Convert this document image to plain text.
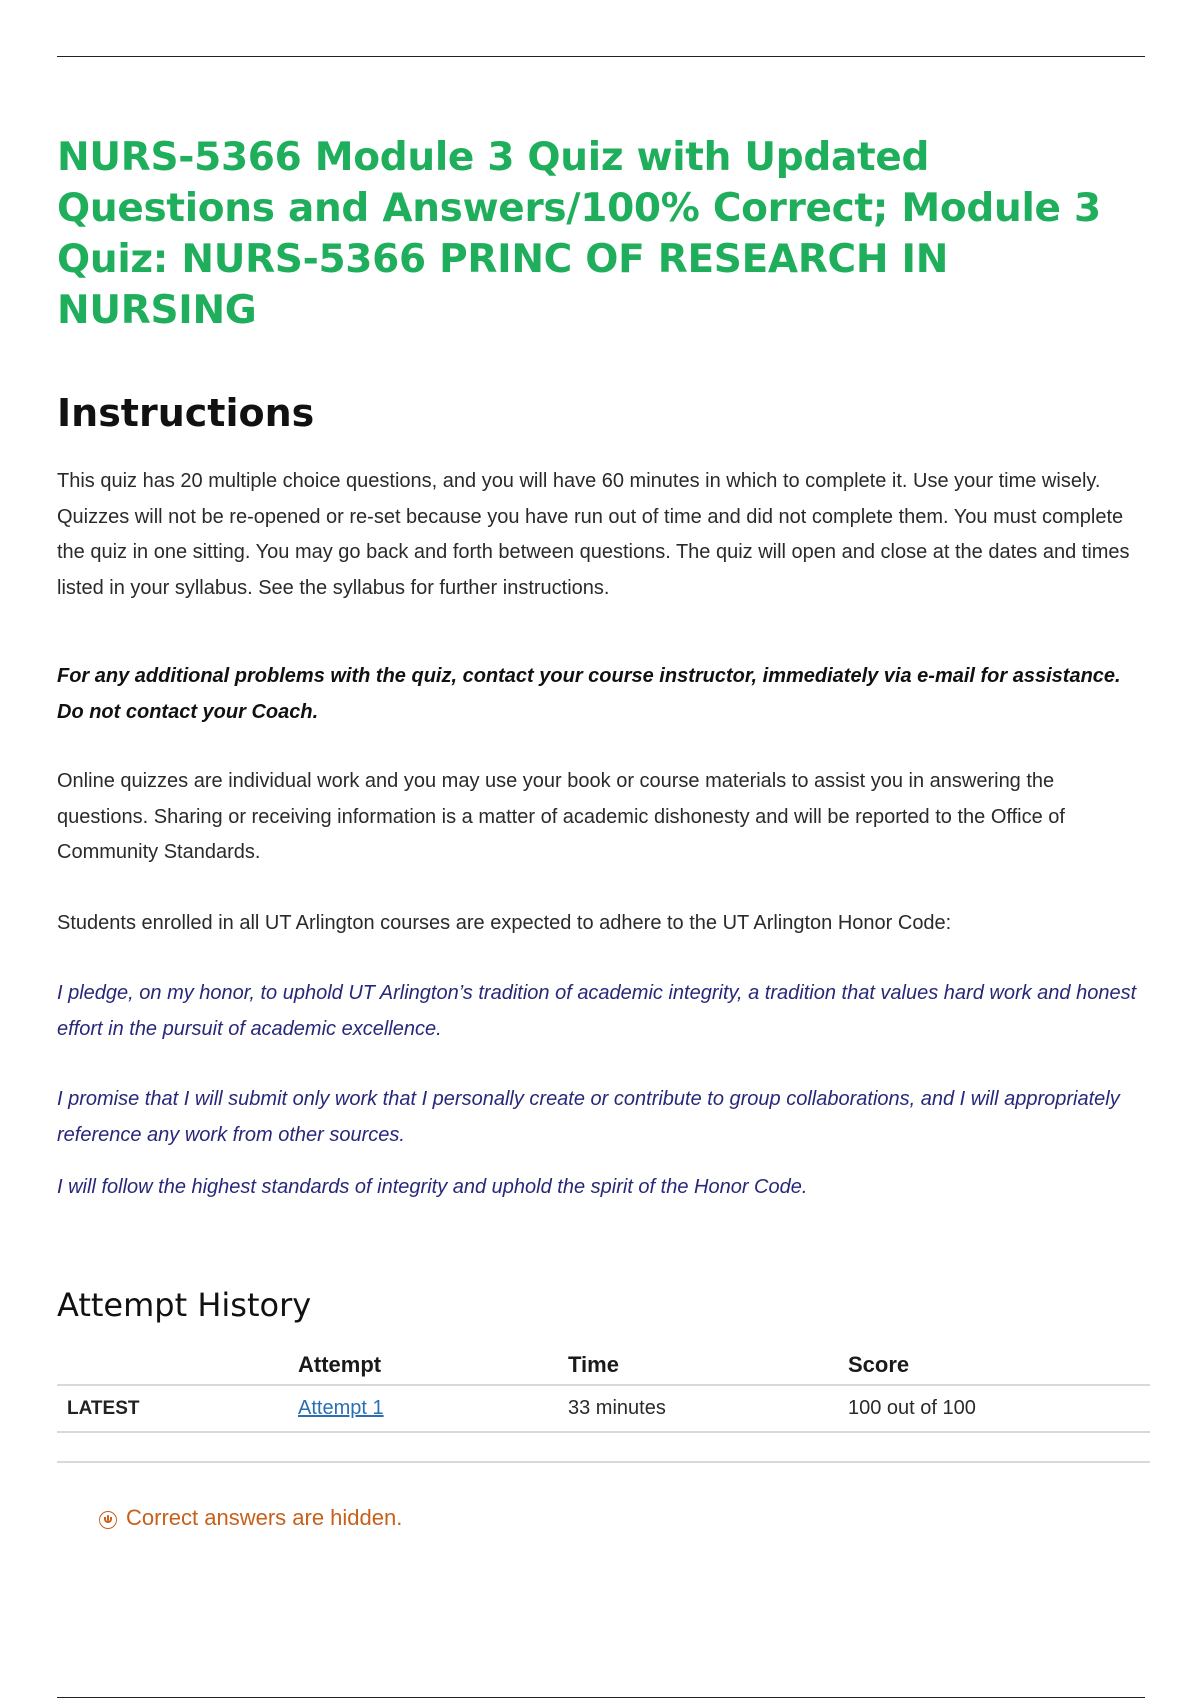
NURS-5366 Module 3 Quiz with Updated Questions and Answers/100% Correct; Module 3 Quiz: NURS-5366 PRINC OF RESEARCH IN NURSING
Instructions

This quiz has 20 multiple choice questions, and you will have 60 minutes in which to complete it. Use your time wisely. Quizzes will not be re-opened or re-set because you have run out of time and did not complete them. You must complete the quiz in one sitting. You may go back and forth between questions. The quiz will open and close at the dates and times listed in your syllabus. See the syllabus for further instructions.

For any additional problems with the quiz, contact your course instructor, immediately via e-mail for assistance. Do not contact your Coach.

Online quizzes are individual work and you may use your book or course materials to assist you in answering the questions. Sharing or receiving information is a matter of academic dishonesty and will be reported to the Office of Community Standards.

Students enrolled in all UT Arlington courses are expected to adhere to the UT Arlington Honor Code:

I pledge, on my honor, to uphold UT Arlington’s tradition of academic integrity, a tradition that values hard work and honest effort in the pursuit of academic excellence.

I promise that I will submit only work that I personally create or contribute to group collaborations, and I will appropriately reference any work from other sources.

I will follow the highest standards of integrity and uphold the spirit of the Honor Code.

Attempt History
	Attempt	Time	Score
LATEST	Attempt 1	33 minutes	100 out of 100
Correct answers are hidden.
